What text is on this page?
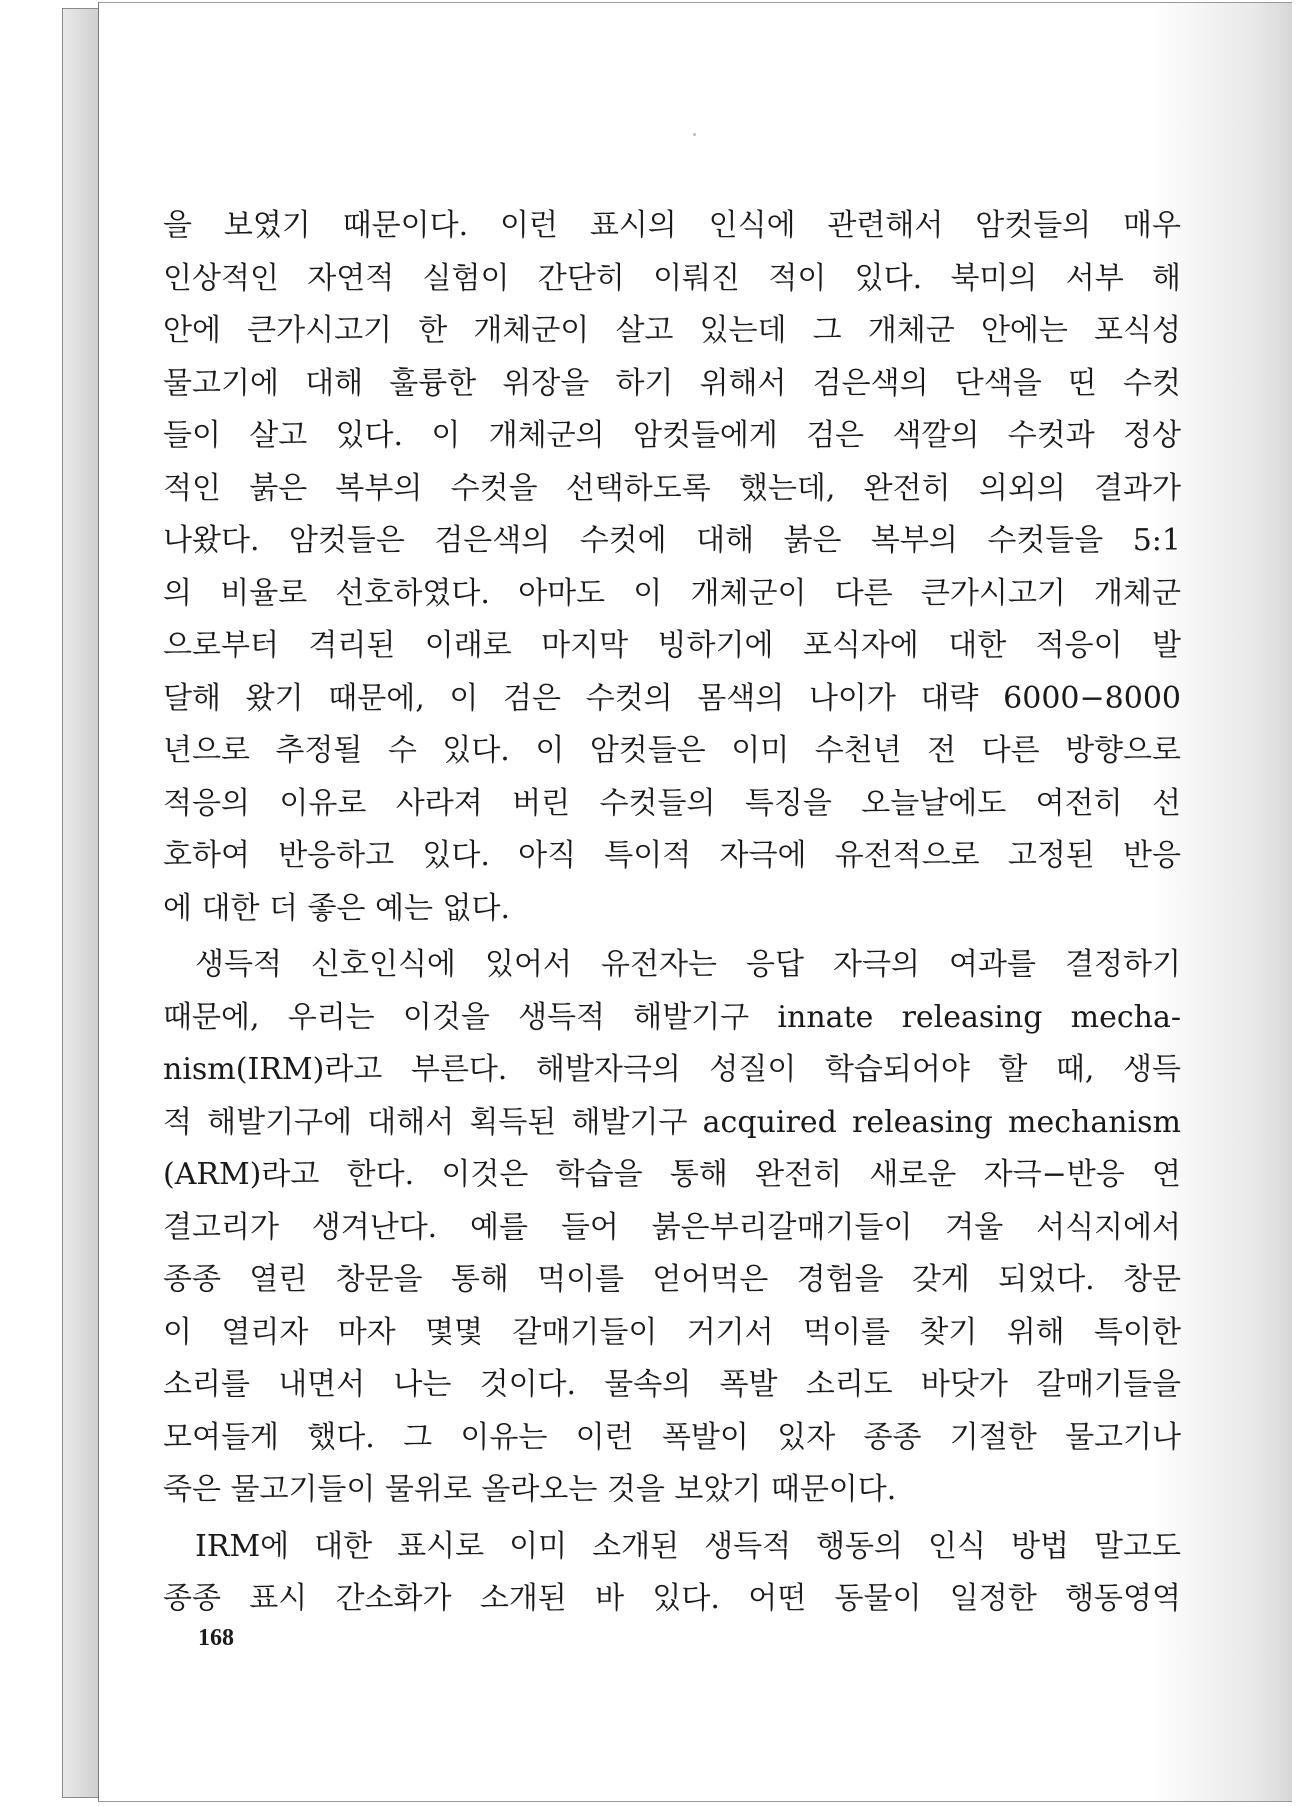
을 보였기 때문이다. 이런 표시의 인식에 관련해서 암컷들의 매우
인상적인 자연적 실험이 간단히 이뤄진 적이 있다. 북미의 서부 해
안에 큰가시고기 한 개체군이 살고 있는데 그 개체군 안에는 포식성
물고기에 대해 훌륭한 위장을 하기 위해서 검은색의 단색을 띤 수컷
들이 살고 있다. 이 개체군의 암컷들에게 검은 색깔의 수컷과 정상
적인 붉은 복부의 수컷을 선택하도록 했는데, 완전히 의외의 결과가
나왔다. 암컷들은 검은색의 수컷에 대해 붉은 복부의 수컷들을 5:1
의 비율로 선호하였다. 아마도 이 개체군이 다른 큰가시고기 개체군
으로부터 격리된 이래로 마지막 빙하기에 포식자에 대한 적응이 발
달해 왔기 때문에, 이 검은 수컷의 몸색의 나이가 대략 6000−8000
년으로 추정될 수 있다. 이 암컷들은 이미 수천년 전 다른 방향으로
적응의 이유로 사라져 버린 수컷들의 특징을 오늘날에도 여전히 선
호하여 반응하고 있다. 아직 특이적 자극에 유전적으로 고정된 반응
에 대한 더 좋은 예는 없다.
생득적 신호인식에 있어서 유전자는 응답 자극의 여과를 결정하기
때문에, 우리는 이것을 생득적 해발기구 innate releasing mecha-
nism(IRM)라고 부른다. 해발자극의 성질이 학습되어야 할 때, 생득
적 해발기구에 대해서 획득된 해발기구 acquired releasing mechanism
(ARM)라고 한다. 이것은 학습을 통해 완전히 새로운 자극−반응 연
결고리가 생겨난다. 예를 들어 붉은부리갈매기들이 겨울 서식지에서
종종 열린 창문을 통해 먹이를 얻어먹은 경험을 갖게 되었다. 창문
이 열리자 마자 몇몇 갈매기들이 거기서 먹이를 찾기 위해 특이한
소리를 내면서 나는 것이다. 물속의 폭발 소리도 바닷가 갈매기들을
모여들게 했다. 그 이유는 이런 폭발이 있자 종종 기절한 물고기나
죽은 물고기들이 물위로 올라오는 것을 보았기 때문이다.
IRM에 대한 표시로 이미 소개된 생득적 행동의 인식 방법 말고도
종종 표시 간소화가 소개된 바 있다. 어떤 동물이 일정한 행동영역
168
